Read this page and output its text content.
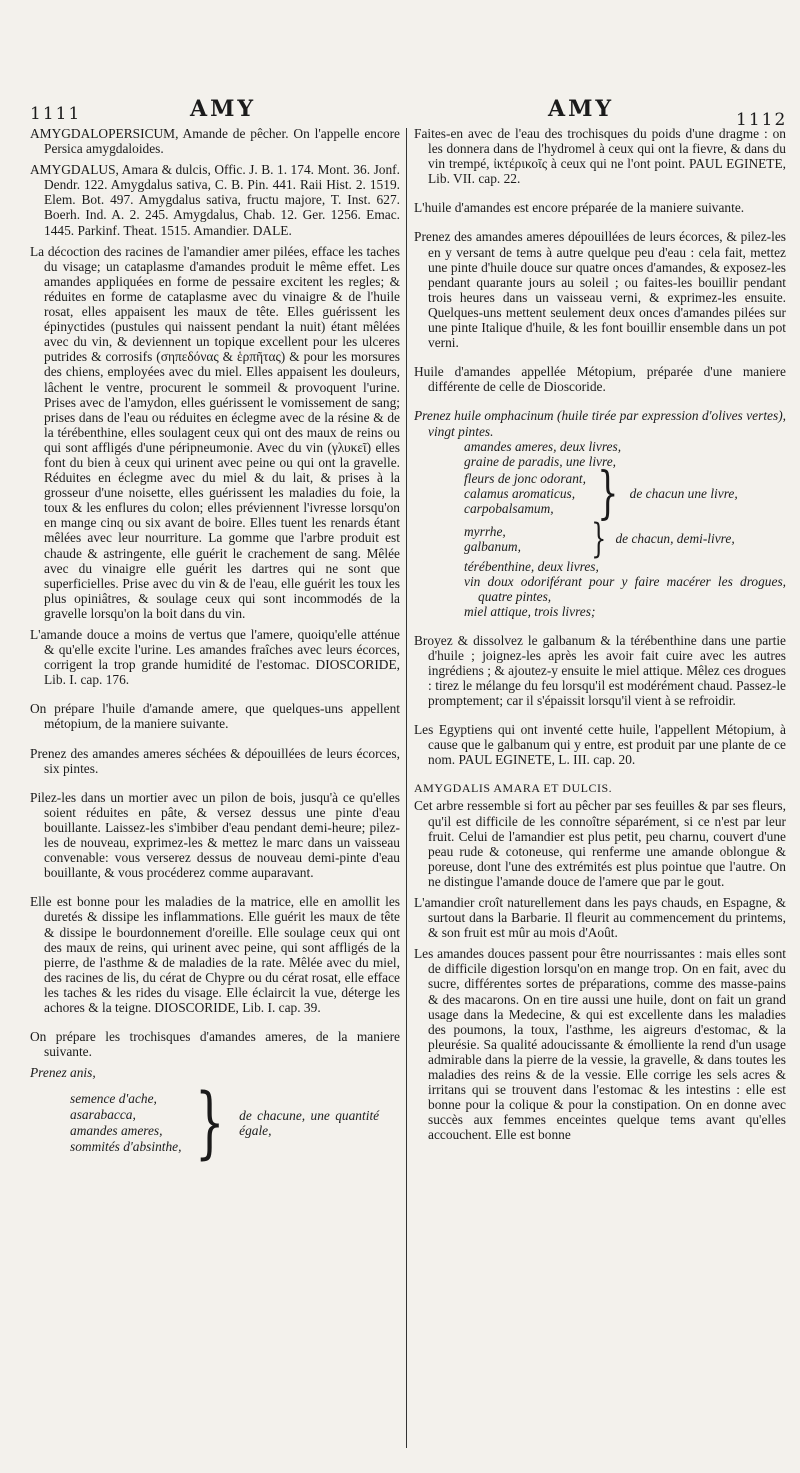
1111	AMY	AMY	1112

AMYGDALOPERSICUM, Amande de pêcher. On l'appelle encore Persica amygdaloides.

AMYGDALUS, Amara & dulcis, Offic. J. B. 1. 174. Mont. 36. Jonf. Dendr. 122. Amygdalus sativa, C. B. Pin. 441. Raii Hist. 2. 1519. Elem. Bot. 497. Amygdalus sativa, fructu majore, T. Inst. 627. Boerh. Ind. A. 2. 245. Amygdalus, Chab. 12. Ger. 1256. Emac. 1445. Parkinf. Theat. 1515. Amandier. DALE.

La décoction des racines de l'amandier amer pilées, efface les taches du visage; un cataplasme d'amandes produit le même effet. Les amandes appliquées en forme de pessaire excitent les regles; & réduites en forme de cataplasme avec du vinaigre & de l'huile rosat, elles appaisent les maux de tête. Elles guérissent les épinyctides (pustules qui naissent pendant la nuit) étant mêlées avec du vin, & deviennent un topique excellent pour les ulceres putrides & corrosifs (σηπεδόνας & ἑρπῆτας) & pour les morsures des chiens, employées avec du miel. Elles appaisent les douleurs, lâchent le ventre, procurent le sommeil & provoquent l'urine. Prises avec de l'amydon, elles guérissent le vomissement de sang; prises dans de l'eau ou réduites en éclegme avec de la résine & de la térébenthine, elles soulagent ceux qui ont des maux de reins ou qui sont affligés d'une péripneumonie. Avec du vin (γλυκεῖ) elles font du bien à ceux qui urinent avec peine ou qui ont la gravelle. Réduites en éclegme avec du miel & du lait, & prises à la grosseur d'une noisette, elles guérissent les maladies du foie, la toux & les enflures du colon; elles préviennent l'ivresse lorsqu'on en mange cinq ou six avant de boire. Elles tuent les renards étant mêlées avec leur nourriture. La gomme que l'arbre produit est chaude & astringente, elle guérit le crachement de sang. Mêlée avec du vinaigre elle guérit les dartres qui ne sont que superficielles. Prise avec du vin & de l'eau, elle guérit les toux les plus opiniâtres, & soulage ceux qui sont incommodés de la gravelle lorsqu'on la boit dans du vin.

L'amande douce a moins de vertus que l'amere, quoiqu'elle atténue & qu'elle excite l'urine. Les amandes fraîches avec leurs écorces, corrigent la trop grande humidité de l'estomac. DIOSCORIDE, Lib. I. cap. 176.

On prépare l'huile d'amande amere, que quelques-uns appellent métopium, de la maniere suivante.

Prenez des amandes ameres séchées & dépouillées de leurs écorces, six pintes.

Pilez-les dans un mortier avec un pilon de bois, jusqu'à ce qu'elles soient réduites en pâte, & versez dessus une pinte d'eau bouillante. Laissez-les s'imbiber d'eau pendant demi-heure; pilez-les de nouveau, exprimez-les & mettez le marc dans un vaisseau convenable: vous verserez dessus de nouveau demi-pinte d'eau bouillante, & vous procéderez comme auparavant.

Elle est bonne pour les maladies de la matrice, elle en amollit les duretés & dissipe les inflammations. Elle guérit les maux de tête & dissipe le bourdonnement d'oreille. Elle soulage ceux qui ont des maux de reins, qui urinent avec peine, qui sont affligés de la pierre, de l'asthme & de maladies de la rate. Mêlée avec du miel, des racines de lis, du cérat de Chypre ou du cérat rosat, elle efface les taches & les rides du visage. Elle éclaircit la vue, déterge les achores & la teigne. DIOSCORIDE, Lib. I. cap. 39.

On prépare les trochisques d'amandes ameres, de la maniere suivante.

Prenez anis,
semence d'ache,
asarabacca,
amandes ameres,
sommités d'absinthe, } de chacune, une quantité égale,

Faites-en avec de l'eau des trochisques du poids d'une dragme : on les donnera dans de l'hydromel à ceux qui ont la fievre, & dans du vin trempé, ἰκτέρικοῖς à ceux qui ne l'ont point. PAUL EGINETE, Lib. VII. cap. 22.

L'huile d'amandes est encore préparée de la maniere suivante.

Prenez des amandes ameres dépouillées de leurs écorces, & pilez-les en y versant de tems à autre quelque peu d'eau : cela fait, mettez une pinte d'huile douce sur quatre onces d'amandes, & exposez-les pendant quarante jours au soleil ; ou faites-les bouillir pendant trois heures dans un vaisseau verni, & exprimez-les ensuite. Quelques-uns mettent seulement deux onces d'amandes pilées sur une pinte Italique d'huile, & les font bouillir ensemble dans un pot verni.

Huile d'amandes appellée Métopium, préparée d'une maniere différente de celle de Dioscoride.

Prenez huile omphacinum (huile tirée par expression d'olives vertes), vingt pintes.

amandes ameres, deux livres,
graine de paradis, une livre,
fleurs de jonc odorant,
calamus aromaticus,
carpobalsamum, } de chacun une livre,
myrrhe,
galbanum,	} de chacun, demi-livre,
térébenthine, deux livres,
vin doux odoriférant pour y faire macérer les drogues, quatre pintes,
miel attique, trois livres;

Broyez & dissolvez le galbanum & la térébenthine dans une partie d'huile ; joignez-les après les avoir fait cuire avec les autres ingrédiens ; & ajoutez-y ensuite le miel attique. Mêlez ces drogues : tirez le mélange du feu lorsqu'il est modérément chaud. Passez-le promptement; car il s'épaissit lorsqu'il vient à se refroidir.

Les Egyptiens qui ont inventé cette huile, l'appellent Métopium, à cause que le galbanum qui y entre, est produit par une plante de ce nom. PAUL EGINETE, L. III. cap. 20.

AMYGDALIS AMARA ET DULCIS.

Cet arbre ressemble si fort au pêcher par ses feuilles & par ses fleurs, qu'il est difficile de les connoître séparément, si ce n'est par leur fruit. Celui de l'amandier est plus petit, peu charnu, couvert d'une peau rude & cotoneuse, qui renferme une amande oblongue & poreuse, dont l'une des extrémités est plus pointue que l'autre. On ne distingue l'amande douce de l'amere que par le gout.

L'amandier croît naturellement dans les pays chauds, en Espagne, & surtout dans la Barbarie. Il fleurit au commencement du printems, & son fruit est mûr au mois d'Août.

Les amandes douces passent pour être nourrissantes : mais elles sont de difficile digestion lorsqu'on en mange trop. On en fait, avec du sucre, différentes sortes de préparations, comme des masse-pains & des macarons. On en tire aussi une huile, dont on fait un grand usage dans la Medecine, & qui est excellente dans les maladies des poumons, la toux, l'asthme, les aigreurs d'estomac, & la pleurésie. Sa qualité adoucissante & émolliente la rend d'un usage admirable dans la pierre de la vessie, la gravelle, & dans toutes les maladies des reins & de la vessie. Elle corrige les sels acres & irritans qui se trouvent dans l'estomac & les intestins : elle est bonne pour la colique & pour la constipation. On en donne avec succès aux femmes enceintes quelque tems avant qu'elles accouchent. Elle est bonne
